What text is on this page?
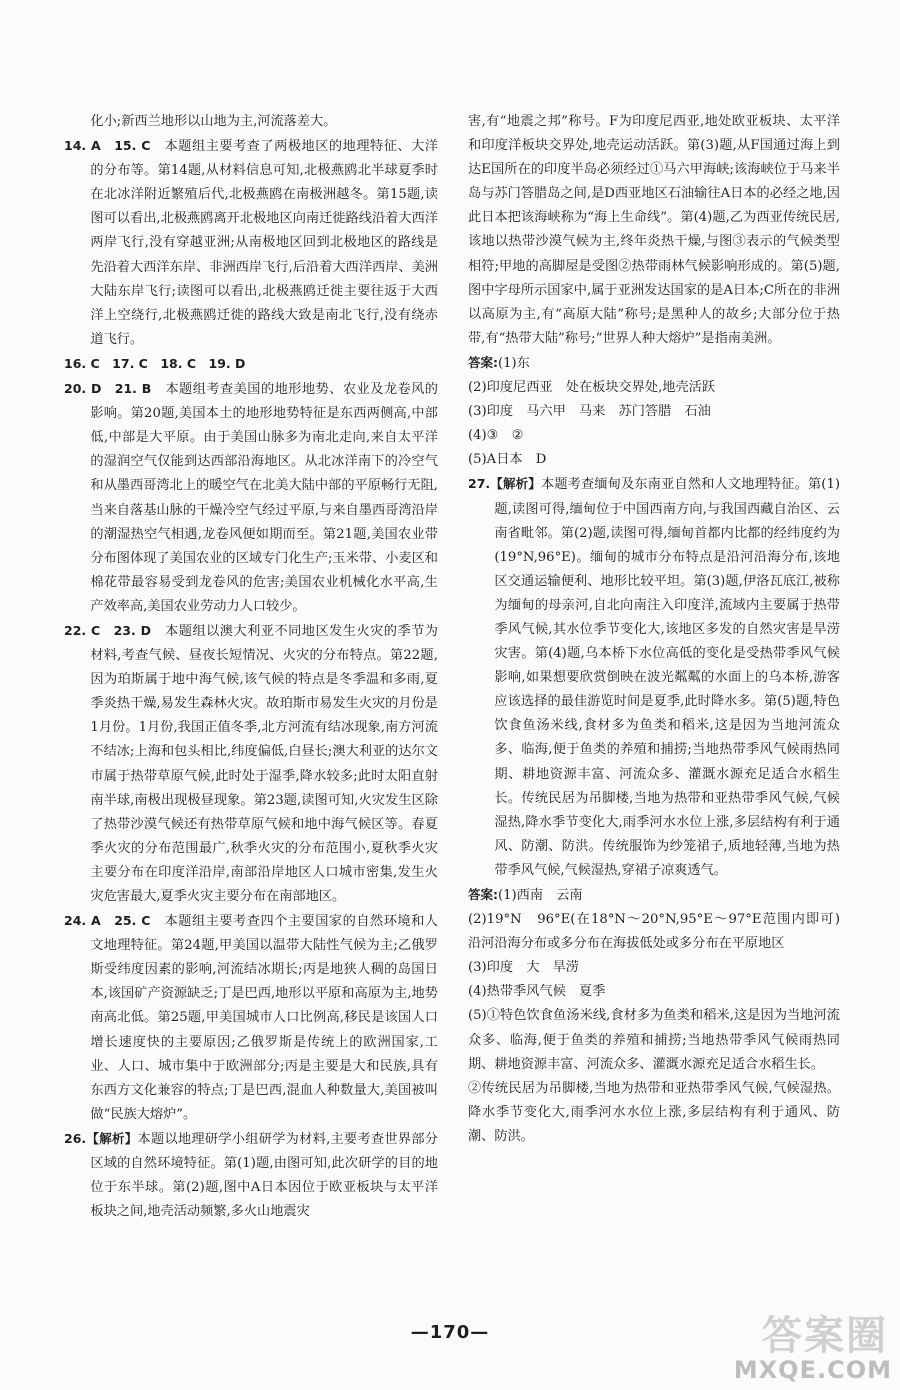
化小;新西兰地形以山地为主,河流落差大。

14. A　15. C　本题组主要考查了两极地区的地理特征、大洋的分布等。第14题,从材料信息可知,北极燕鸥北半球夏季时在北冰洋附近繁殖后代,北极燕鸥在南极洲越冬。第15题,读图可以看出,北极燕鸥离开北极地区向南迁徙路线沿着大西洋两岸飞行,没有穿越亚洲;从南极地区回到北极地区的路线是先沿着大西洋东岸、非洲西岸飞行,后沿着大西洋西岸、美洲大陆东岸飞行;读图可以看出,北极燕鸥迁徙主要往返于大西洋上空绕行,北极燕鸥迁徙的路线大致是南北飞行,没有绕赤道飞行。

16. C　17. C　18. C　19. D

20. D　21. B　本题组考查美国的地形地势、农业及龙卷风的影响。第20题,美国本土的地形地势特征是东西两侧高,中部低,中部是大平原。由于美国山脉多为南北走向,来自太平洋的湿润空气仅能到达西部沿海地区。从北冰洋南下的冷空气和从墨西哥湾北上的暖空气在北美大陆中部的平原畅行无阻,当来自落基山脉的干燥冷空气经过平原,与来自墨西哥湾沿岸的潮湿热空气相遇,龙卷风便如期而至。第21题,美国农业带分布图体现了美国农业的区域专门化生产;玉米带、小麦区和棉花带最容易受到龙卷风的危害;美国农业机械化水平高,生产效率高,美国农业劳动力人口较少。

22. C　23. D　本题组以澳大利亚不同地区发生火灾的季节为材料,考查气候、昼夜长短情况、火灾的分布特点。第22题,因为珀斯属于地中海气候,该气候的特点是冬季温和多雨,夏季炎热干燥,易发生森林火灾。故珀斯市易发生火灾的月份是1月份。1月份,我国正值冬季,北方河流有结冰现象,南方河流不结冰;上海和包头相比,纬度偏低,白昼长;澳大利亚的达尔文市属于热带草原气候,此时处于湿季,降水较多;此时太阳直射南半球,南极出现极昼现象。第23题,读图可知,火灾发生区除了热带沙漠气候还有热带草原气候和地中海气候区等。春夏季火灾的分布范围最广,秋季火灾的分布范围小,夏秋季火灾主要分布在印度洋沿岸,南部沿岸地区人口城市密集,发生火灾危害最大,夏季火灾主要分布在南部地区。

24. A　25. C　本题组主要考查四个主要国家的自然环境和人文地理特征。第24题,甲美国以温带大陆性气候为主;乙俄罗斯受纬度因素的影响,河流结冰期长;丙是地狭人稠的岛国日本,该国矿产资源缺乏;丁是巴西,地形以平原和高原为主,地势南高北低。第25题,甲美国城市人口比例高,移民是该国人口增长速度快的主要原因;乙俄罗斯是传统上的欧洲国家,工业、人口、城市集中于欧洲部分;丙是主要是大和民族,具有东西方文化兼容的特点;丁是巴西,混血人种数量大,美国被叫做“民族大熔炉”。

26.【解析】本题以地理研学小组研学为材料,主要考查世界部分区域的自然环境特征。第(1)题,由图可知,此次研学的目的地位于东半球。第(2)题,图中A日本因位于欧亚板块与太平洋板块之间,地壳活动频繁,多火山地震灾

害,有“地震之邦”称号。F为印度尼西亚,地处欧亚板块、太平洋和印度洋板块交界处,地壳运动活跃。第(3)题,从F国通过海上到达E国所在的印度半岛必须经过①马六甲海峡;该海峡位于马来半岛与苏门答腊岛之间,是D西亚地区石油输往A日本的必经之地,因此日本把该海峡称为“海上生命线”。第(4)题,乙为西亚传统民居,该地以热带沙漠气候为主,终年炎热干燥,与图③表示的气候类型相符;甲地的高脚屋是受图②热带雨林气候影响形成的。第(5)题,图中字母所示国家中,属于亚洲发达国家的是A日本;C所在的非洲以高原为主,有“高原大陆”称号;是黑种人的故乡;大部分位于热带,有“热带大陆”称号;“世界人种大熔炉”是指南美洲。

答案:(1)东

(2)印度尼西亚　处在板块交界处,地壳活跃

(3)印度　马六甲　马来　苏门答腊　石油

(4)③　②

(5)A日本　D

27.【解析】本题考查缅甸及东南亚自然和人文地理特征。第(1)题,读图可得,缅甸位于中国西南方向,与我国西藏自治区、云南省毗邻。第(2)题,读图可得,缅甸首都内比都的经纬度约为(19°N,96°E)。缅甸的城市分布特点是沿河沿海分布,该地区交通运输便利、地形比较平坦。第(3)题,伊洛瓦底江,被称为缅甸的母亲河,自北向南注入印度洋,流域内主要属于热带季风气候,其水位季节变化大,该地区多发的自然灾害是旱涝灾害。第(4)题,乌本桥下水位高低的变化是受热带季风气候影响,如果想要欣赏倒映在波光粼粼的水面上的乌本桥,游客应该选择的最佳游览时间是夏季,此时降水多。第(5)题,特色饮食鱼汤米线,食材多为鱼类和稻米,这是因为当地河流众多、临海,便于鱼类的养殖和捕捞;当地热带季风气候雨热同期、耕地资源丰富、河流众多、灌溉水源充足适合水稻生长。传统民居为吊脚楼,当地为热带和亚热带季风气候,气候湿热,降水季节变化大,雨季河水水位上涨,多层结构有利于通风、防潮、防洪。传统服饰为纱笼裙子,质地轻薄,当地为热带季风气候,气候湿热,穿裙子凉爽透气。

答案:(1)西南　云南

(2)19°N　96°E(在18°N～20°N,95°E～97°E范围内即可)　沿河沿海分布或多分布在海拔低处或多分布在平原地区

(3)印度　大　旱涝

(4)热带季风气候　夏季

(5)①特色饮食鱼汤米线,食材多为鱼类和稻米,这是因为当地河流众多、临海,便于鱼类的养殖和捕捞;当地热带季风气候雨热同期、耕地资源丰富、河流众多、灌溉水源充足适合水稻生长。

②传统民居为吊脚楼,当地为热带和亚热带季风气候,气候湿热。降水季节变化大,雨季河水水位上涨,多层结构有利于通风、防潮、防洪。

—170—	答案圈
MXQE.COM
